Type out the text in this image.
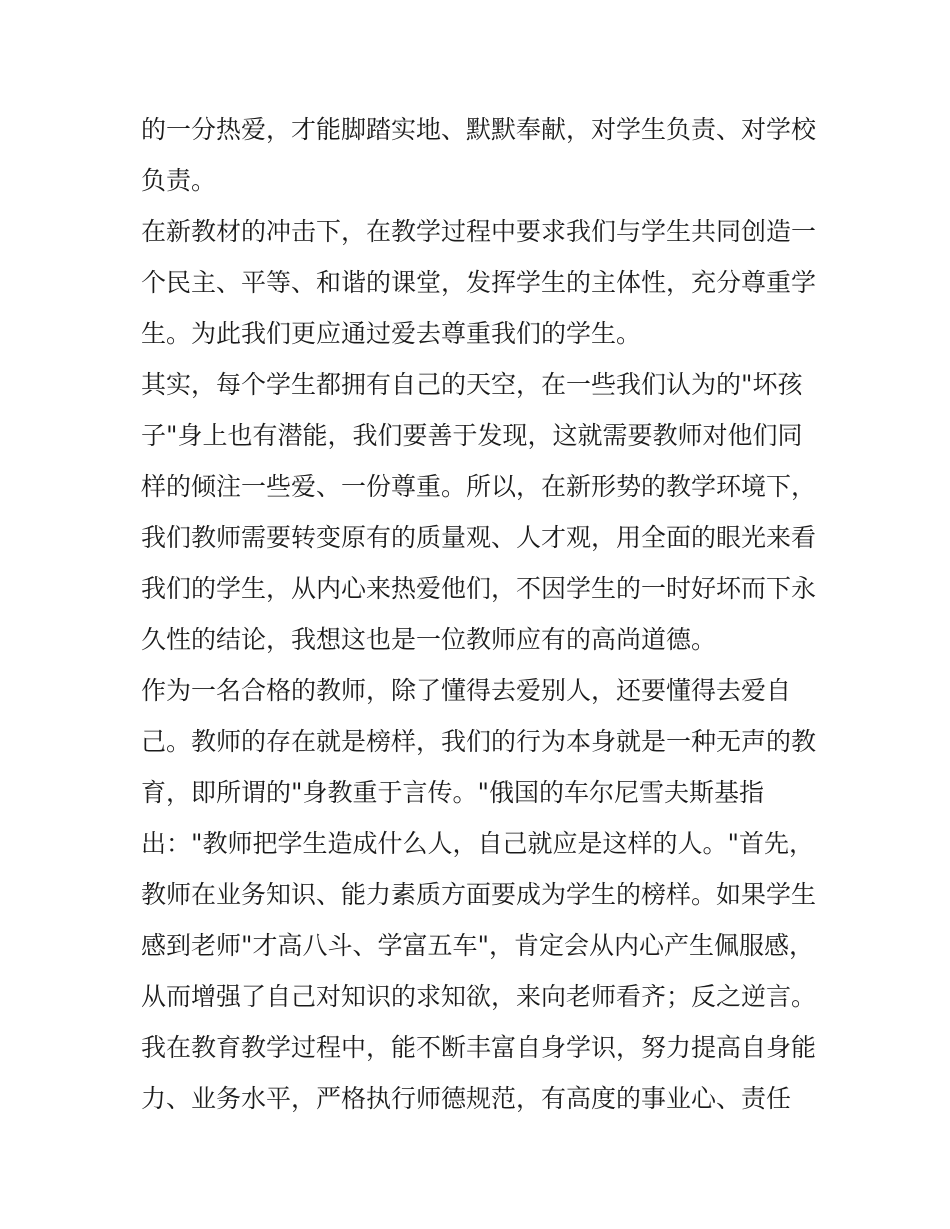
的一分热爱，才能脚踏实地、默默奉献，对学生负责、对学校
负责。
在新教材的冲击下，在教学过程中要求我们与学生共同创造一
个民主、平等、和谐的课堂，发挥学生的主体性，充分尊重学
生。为此我们更应通过爱去尊重我们的学生。
其实，每个学生都拥有自己的天空，在一些我们认为的"坏孩
子"身上也有潜能，我们要善于发现，这就需要教师对他们同
样的倾注一些爱、一份尊重。所以，在新形势的教学环境下，
我们教师需要转变原有的质量观、人才观，用全面的眼光来看
我们的学生，从内心来热爱他们，不因学生的一时好坏而下永
久性的结论，我想这也是一位教师应有的高尚道德。
作为一名合格的教师，除了懂得去爱别人，还要懂得去爱自
己。教师的存在就是榜样，我们的行为本身就是一种无声的教
育，即所谓的"身教重于言传。"俄国的车尔尼雪夫斯基指
出："教师把学生造成什么人，自己就应是这样的人。"首先，
教师在业务知识、能力素质方面要成为学生的榜样。如果学生
感到老师"才高八斗、学富五车"，肯定会从内心产生佩服感，
从而增强了自己对知识的求知欲，来向老师看齐；反之逆言。
我在教育教学过程中，能不断丰富自身学识，努力提高自身能
力、业务水平，严格执行师德规范，有高度的事业心、责任
